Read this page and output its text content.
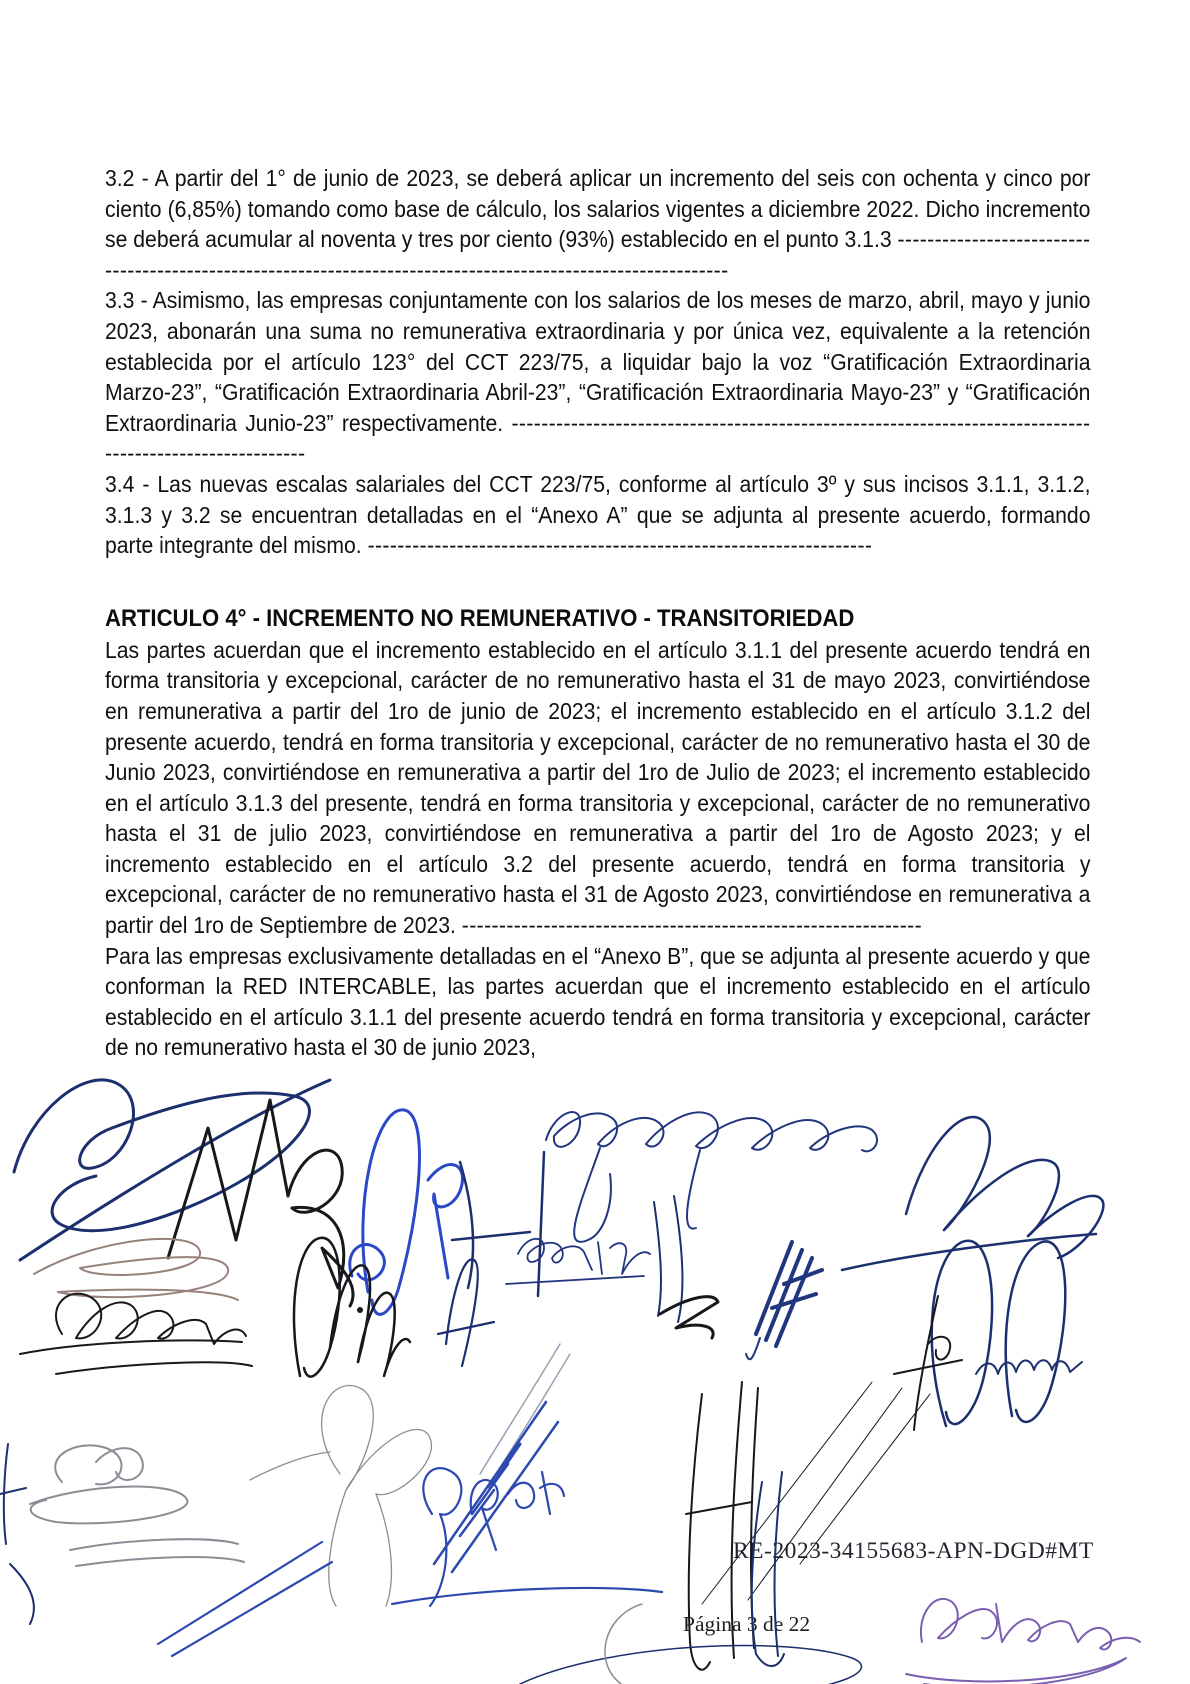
3.2 - A partir del 1° de junio de 2023, se deberá aplicar un incremento del seis con ochenta y cinco por ciento (6,85%) tomando como base de cálculo, los salarios vigentes a diciembre 2022. Dicho incremento se deberá acumular al noventa y tres por ciento (93%) establecido en el punto 3.1.3 --------------------------------------------------------------------------------------------------------------

3.3 - Asimismo, las empresas conjuntamente con los salarios de los meses de marzo, abril, mayo y junio 2023, abonarán una suma no remunerativa extraordinaria y por única vez, equivalente a la retención establecida por el artículo 123° del CCT 223/75, a liquidar bajo la voz “Gratificación Extraordinaria Marzo-23”, “Gratificación Extraordinaria Abril-23”, “Gratificación Extraordinaria Mayo-23” y “Gratificación Extraordinaria Junio-23” respectivamente. ---------------------------------------------------------------------------------------------------------

3.4 - Las nuevas escalas salariales del CCT 223/75, conforme al artículo 3º y sus incisos 3.1.1, 3.1.2, 3.1.3 y 3.2 se encuentran detalladas en el “Anexo A” que se adjunta al presente acuerdo, formando parte integrante del mismo. --------------------------------------------------------------------

ARTICULO 4° - INCREMENTO NO REMUNERATIVO - TRANSITORIEDAD

Las partes acuerdan que el incremento establecido en el artículo 3.1.1 del presente acuerdo tendrá en forma transitoria y excepcional, carácter de no remunerativo hasta el 31 de mayo 2023, convirtiéndose en remunerativa a partir del 1ro de junio de 2023; el incremento establecido en el artículo 3.1.2 del presente acuerdo, tendrá en forma transitoria y excepcional, carácter de no remunerativo hasta el 30 de Junio 2023, convirtiéndose en remunerativa a partir del 1ro de Julio de 2023; el incremento establecido en el artículo 3.1.3 del presente, tendrá en forma transitoria y excepcional, carácter de no remunerativo hasta el 31 de julio 2023, convirtiéndose en remunerativa a partir del 1ro de Agosto 2023; y el incremento establecido en el artículo 3.2 del presente acuerdo, tendrá en forma transitoria y excepcional, carácter de no remunerativo hasta el 31 de Agosto 2023, convirtiéndose en remunerativa a partir del 1ro de Septiembre de 2023. --------------------------------------------------------------

Para las empresas exclusivamente detalladas en el “Anexo B”, que se adjunta al presente acuerdo y que conforman la RED INTERCABLE, las partes acuerdan que el incremento establecido en el artículo establecido en el artículo 3.1.1 del presente acuerdo tendrá en forma transitoria y excepcional, carácter de no remunerativo hasta el 30 de junio 2023,

RE-2023-34155683-APN-DGD#MT
Página 3 de 22
